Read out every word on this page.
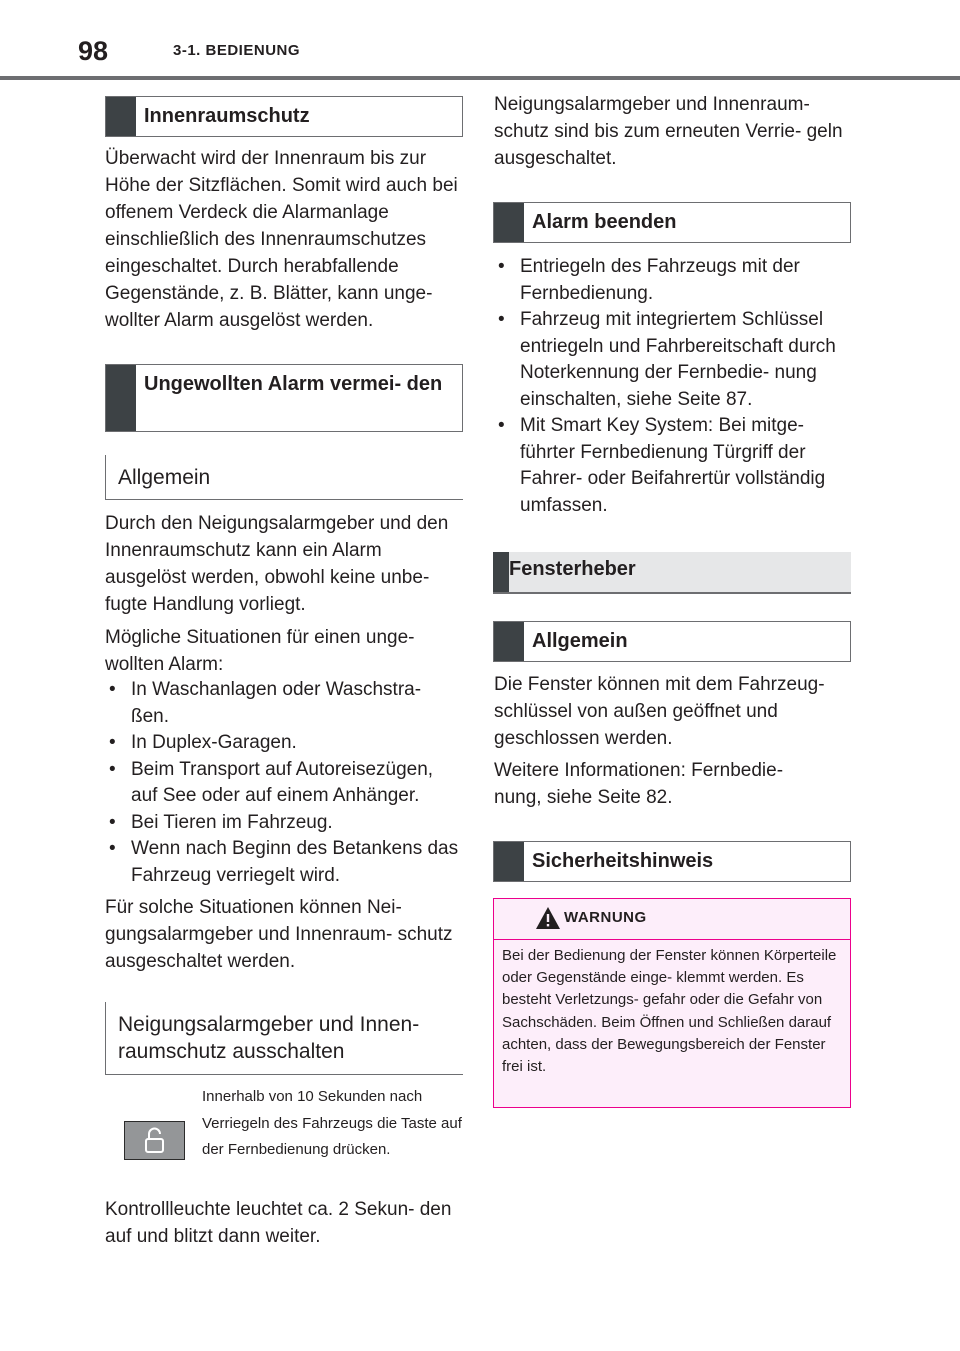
98	3-1. BEDIENUNG
Innenraumschutz
Überwacht wird der Innenraum bis zur Höhe der Sitzflächen. Somit wird auch bei offenem Verdeck die Alarmanlage einschließlich des Innenraumschutzes eingeschaltet. Durch herabfallende Gegenstände, z. B. Blätter, kann unge- wollter Alarm ausgelöst werden.
Ungewollten Alarm vermei- den
Allgemein
Durch den Neigungsalarmgeber und den Innenraumschutz kann ein Alarm ausgelöst werden, obwohl keine unbe- fugte Handlung vorliegt.
Mögliche Situationen für einen unge- wollten Alarm:
• In Waschanlagen oder Waschstra- ßen.
• In Duplex-Garagen.
• Beim Transport auf Autoreisezügen, auf See oder auf einem Anhänger.
• Bei Tieren im Fahrzeug.
• Wenn nach Beginn des Betankens das Fahrzeug verriegelt wird.
Für solche Situationen können Nei- gungsalarmgeber und Innenraum- schutz ausgeschaltet werden.
Neigungsalarmgeber und Innen- raumschutz ausschalten
Innerhalb von 10 Sekunden nach Verriegeln des Fahrzeugs die Taste auf der Fernbedienung drücken.
Kontrollleuchte leuchtet ca. 2 Sekun- den auf und blitzt dann weiter.
Neigungsalarmgeber und Innenraum- schutz sind bis zum erneuten Verrie- geln ausgeschaltet.
Alarm beenden
• Entriegeln des Fahrzeugs mit der Fernbedienung.
• Fahrzeug mit integriertem Schlüssel entriegeln und Fahrbereitschaft durch Noterkennung der Fernbedie- nung einschalten, siehe Seite 87.
• Mit Smart Key System: Bei mitge- führter Fernbedienung Türgriff der Fahrer- oder Beifahrertür vollständig umfassen.
Fensterheber
Allgemein
Die Fenster können mit dem Fahrzeug- schlüssel von außen geöffnet und geschlossen werden.
Weitere Informationen: Fernbedie- nung, siehe Seite 82.
Sicherheitshinweis
WARNUNG
Bei der Bedienung der Fenster können Körperteile oder Gegenstände einge- klemmt werden. Es besteht Verletzungs- gefahr oder die Gefahr von Sachschäden. Beim Öffnen und Schließen darauf achten, dass der Bewegungsbereich der Fenster frei ist.
